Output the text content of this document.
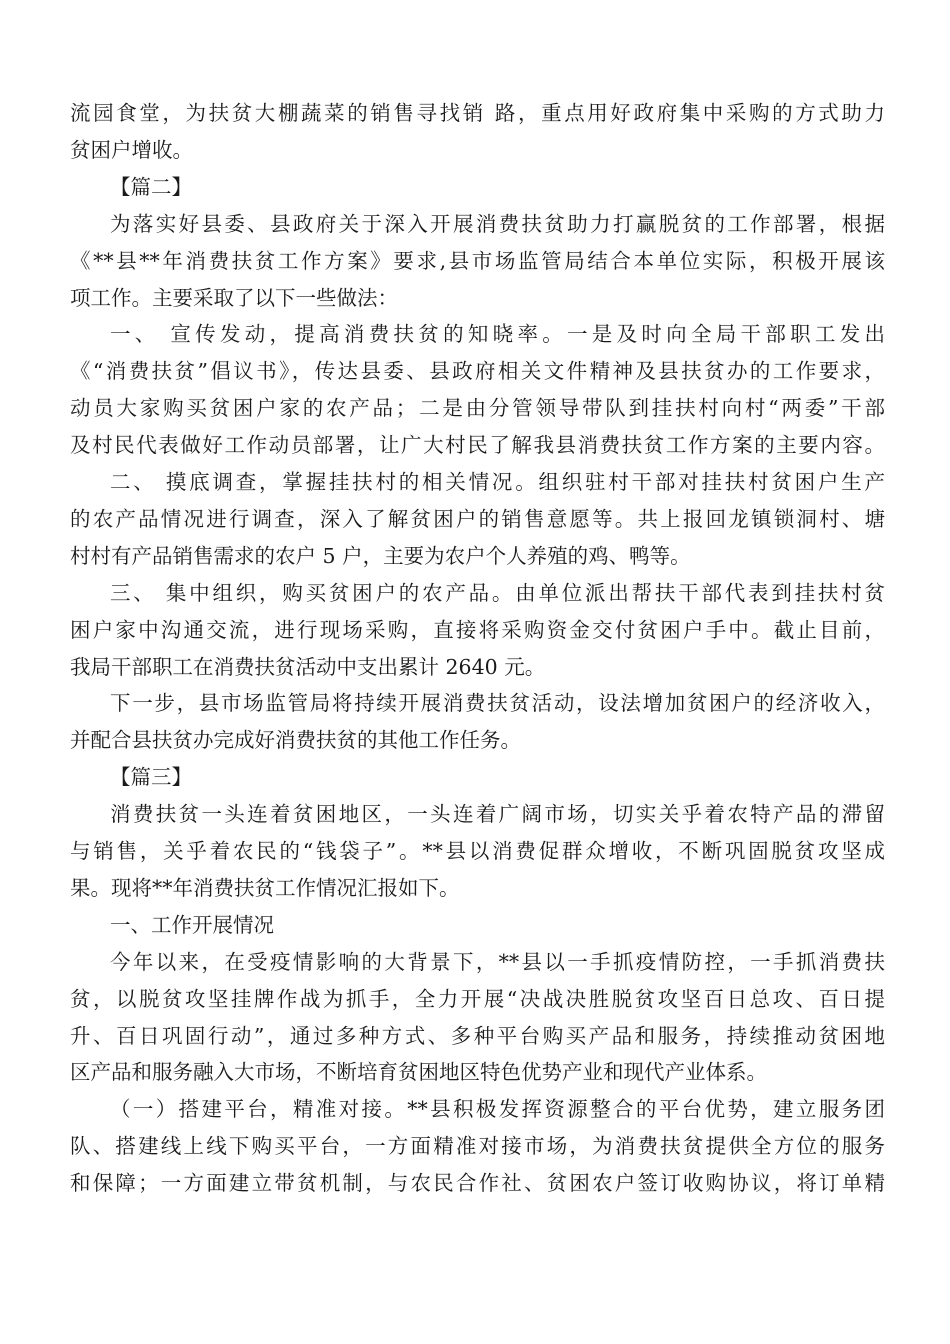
流园食堂，为扶贫大棚蔬菜的销售寻找销 路，重点用好政府集中采购的方式助力
贫困户增收。
【篇二】
为落实好县委、县政府关于深入开展消费扶贫助力打赢脱贫的工作部署，根据
《**县**年消费扶贫工作方案》要求,县市场监管局结合本单位实际，积极开展该
项工作。主要采取了以下一些做法：
一、 宣传发动，提高消费扶贫的知晓率。一是及时向全局干部职工发出
《“消费扶贫”倡议书》，传达县委、县政府相关文件精神及县扶贫办的工作要求，
动员大家购买贫困户家的农产品；二是由分管领导带队到挂扶村向村“两委”干部
及村民代表做好工作动员部署，让广大村民了解我县消费扶贫工作方案的主要内容。
二、 摸底调查，掌握挂扶村的相关情况。组织驻村干部对挂扶村贫困户生产
的农产品情况进行调查，深入了解贫困户的销售意愿等。共上报回龙镇锁洞村、塘
村村有产品销售需求的农户 5 户，主要为农户个人养殖的鸡、鸭等。
三、 集中组织，购买贫困户的农产品。由单位派出帮扶干部代表到挂扶村贫
困户家中沟通交流，进行现场采购，直接将采购资金交付贫困户手中。截止目前，
我局干部职工在消费扶贫活动中支出累计 2640 元。
下一步，县市场监管局将持续开展消费扶贫活动，设法增加贫困户的经济收入，
并配合县扶贫办完成好消费扶贫的其他工作任务。
【篇三】
消费扶贫一头连着贫困地区，一头连着广阔市场，切实关乎着农特产品的滞留
与销售，关乎着农民的“钱袋子”。**县以消费促群众增收，不断巩固脱贫攻坚成
果。现将**年消费扶贫工作情况汇报如下。
一、工作开展情况
今年以来，在受疫情影响的大背景下，**县以一手抓疫情防控，一手抓消费扶
贫，以脱贫攻坚挂牌作战为抓手，全力开展“决战决胜脱贫攻坚百日总攻、百日提
升、百日巩固行动”，通过多种方式、多种平台购买产品和服务，持续推动贫困地
区产品和服务融入大市场，不断培育贫困地区特色优势产业和现代产业体系。
（一）搭建平台，精准对接。**县积极发挥资源整合的平台优势，建立服务团
队、搭建线上线下购买平台，一方面精准对接市场，为消费扶贫提供全方位的服务
和保障；一方面建立带贫机制，与农民合作社、贫困农户签订收购协议，将订单精
